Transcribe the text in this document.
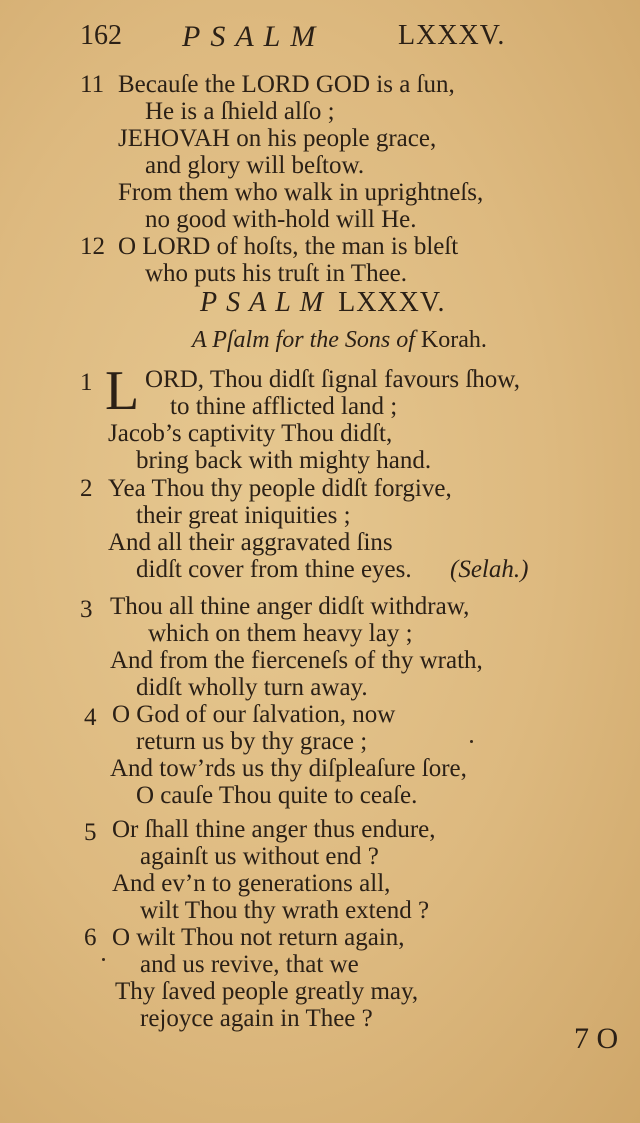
162 PSALM	LXXXV.
11 Becauſe the LORD GOD is a ſun,
He is a ſhield alſo ;
JEHOVAH on his people grace,
and glory will beſtow.
From them who walk in uprightneſs,
no good with-hold will He.
12 O LORD of hoſts, the man is bleſt
who puts his truſt in Thee.
PSALM LXXXV.
A Pſalm for the Sons of Korah.
1 L ORD, Thou didſt ſignal favours ſhow,
to thine afflicted land ;
Jacob’s captivity Thou didſt,
bring back with mighty hand.
2 Yea Thou thy people didſt forgive,
their great iniquities ;
And all their aggravated ſins
didſt cover from thine eyes. (Selah.)
3 Thou all thine anger didſt withdraw,
which on them heavy lay ;
And from the fierceneſs of thy wrath,
didſt wholly turn away.
4 O God of our ſalvation, now
return us by thy grace ;
And tow’rds us thy diſpleaſure ſore,
O cauſe Thou quite to ceaſe.
5 Or ſhall thine anger thus endure,
againſt us without end ?
And ev’n to generations all,
wilt Thou thy wrath extend ?
6 O wilt Thou not return again,
and us revive, that we
Thy ſaved people greatly may,
rejoyce again in Thee ?
7 O
